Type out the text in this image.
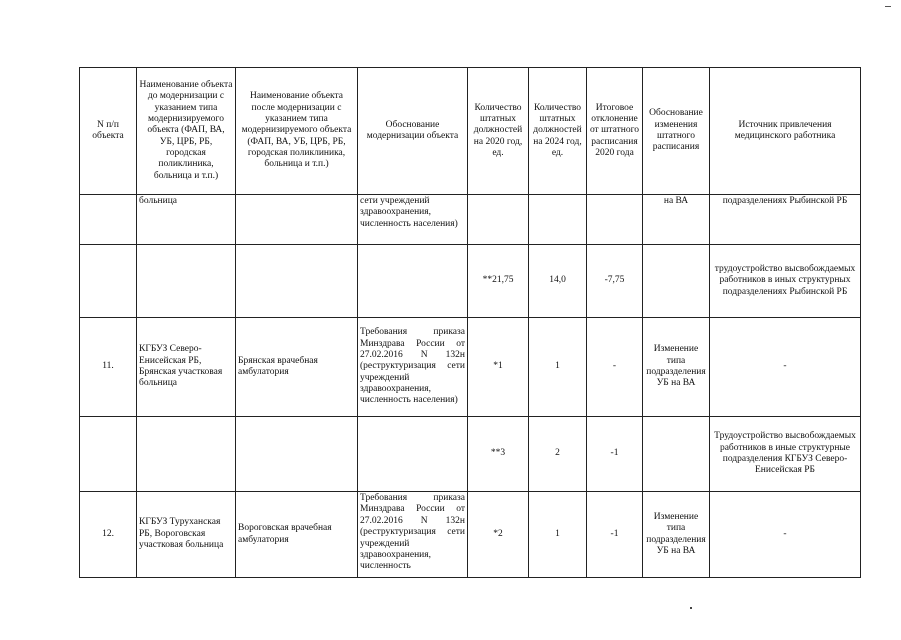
N п/п объекта	Наименование объекта до модернизации с указанием типа модернизируемого объекта (ФАП, ВА, УБ, ЦРБ, РБ, городская поликлиника, больница и т.п.)	Наименование объекта после модернизации с указанием типа модернизируемого объекта (ФАП, ВА, УБ, ЦРБ, РБ, городская поликлиника, больница и т.п.)	Обоснование модернизации объекта	Количество штатных должностей на 2020 год, ед.	Количество штатных должностей на 2024 год, ед.	Итоговое отклонение от штатного расписания 2020 года	Обоснование изменения штатного расписания	Источник привлечения медицинского работника
	больница		сети учреждений здравоохранения, численность населения)				на ВА	подразделениях Рыбинской РБ
				**21,75	14,0	-7,75		трудоустройство высвобождаемых работников в иных структурных подразделениях Рыбинской РБ
11.	КГБУЗ Северо-Енисейская РБ, Брянская участковая больница	Брянская врачебная амбулатория	Требования приказа Минздрава России от 27.02.2016 N 132н (реструктуризация сети учреждений здравоохранения, численность населения)	*1	1	-	Изменение типа подразделения УБ на ВА	-
				**3	2	-1		Трудоустройство высвобождаемых работников в иные структурные подразделения КГБУЗ Северо-Енисейская РБ
12.	КГБУЗ Туруханская РБ, Вороговская участковая больница	Вороговская врачебная амбулатория	Требования приказа Минздрава России от 27.02.2016 N 132н (реструктуризация сети учреждений здравоохранения, численность	*2	1	-1	Изменение типа подразделения УБ на ВА	-
